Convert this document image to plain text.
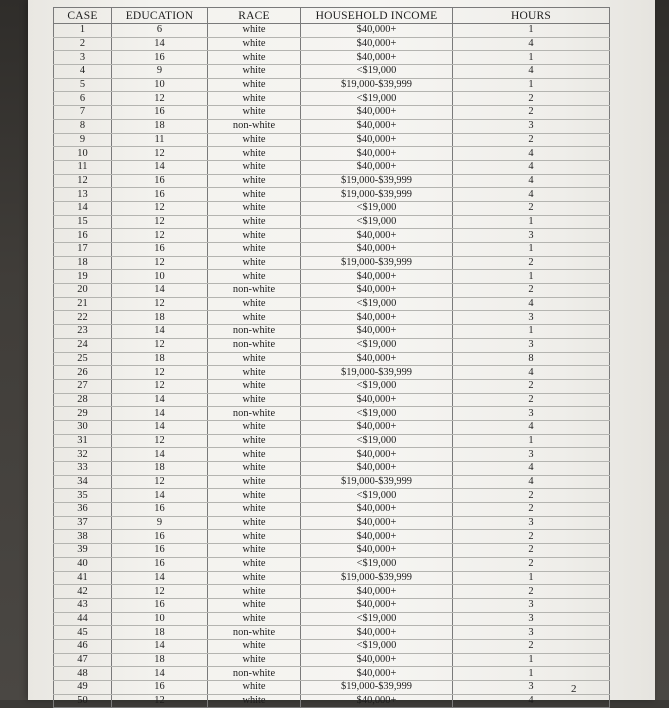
CASE	EDUCATION	RACE	HOUSEHOLD INCOME	HOURS
1	6	white	$40,000+	1
2	14	white	$40,000+	4
3	16	white	$40,000+	1
4	9	white	<$19,000	4
5	10	white	$19,000-$39,999	1
6	12	white	<$19,000	2
7	16	white	$40,000+	2
8	18	non-white	$40,000+	3
9	11	white	$40,000+	2
10	12	white	$40,000+	4
11	14	white	$40,000+	4
12	16	white	$19,000-$39,999	4
13	16	white	$19,000-$39,999	4
14	12	white	<$19,000	2
15	12	white	<$19,000	1
16	12	white	$40,000+	3
17	16	white	$40,000+	1
18	12	white	$19,000-$39,999	2
19	10	white	$40,000+	1
20	14	non-white	$40,000+	2
21	12	white	<$19,000	4
22	18	white	$40,000+	3
23	14	non-white	$40,000+	1
24	12	non-white	<$19,000	3
25	18	white	$40,000+	8
26	12	white	$19,000-$39,999	4
27	12	white	<$19,000	2
28	14	white	$40,000+	2
29	14	non-white	<$19,000	3
30	14	white	$40,000+	4
31	12	white	<$19,000	1
32	14	white	$40,000+	3
33	18	white	$40,000+	4
34	12	white	$19,000-$39,999	4
35	14	white	<$19,000	2
36	16	white	$40,000+	2
37	9	white	$40,000+	3
38	16	white	$40,000+	2
39	16	white	$40,000+	2
40	16	white	<$19,000	2
41	14	white	$19,000-$39,999	1
42	12	white	$40,000+	2
43	16	white	$40,000+	3
44	10	white	<$19,000	3
45	18	non-white	$40,000+	3
46	14	white	<$19,000	2
47	18	white	$40,000+	1
48	14	non-white	$40,000+	1
49	16	white	$19,000-$39,999	3
50	12	white	$40,000+	4
2
